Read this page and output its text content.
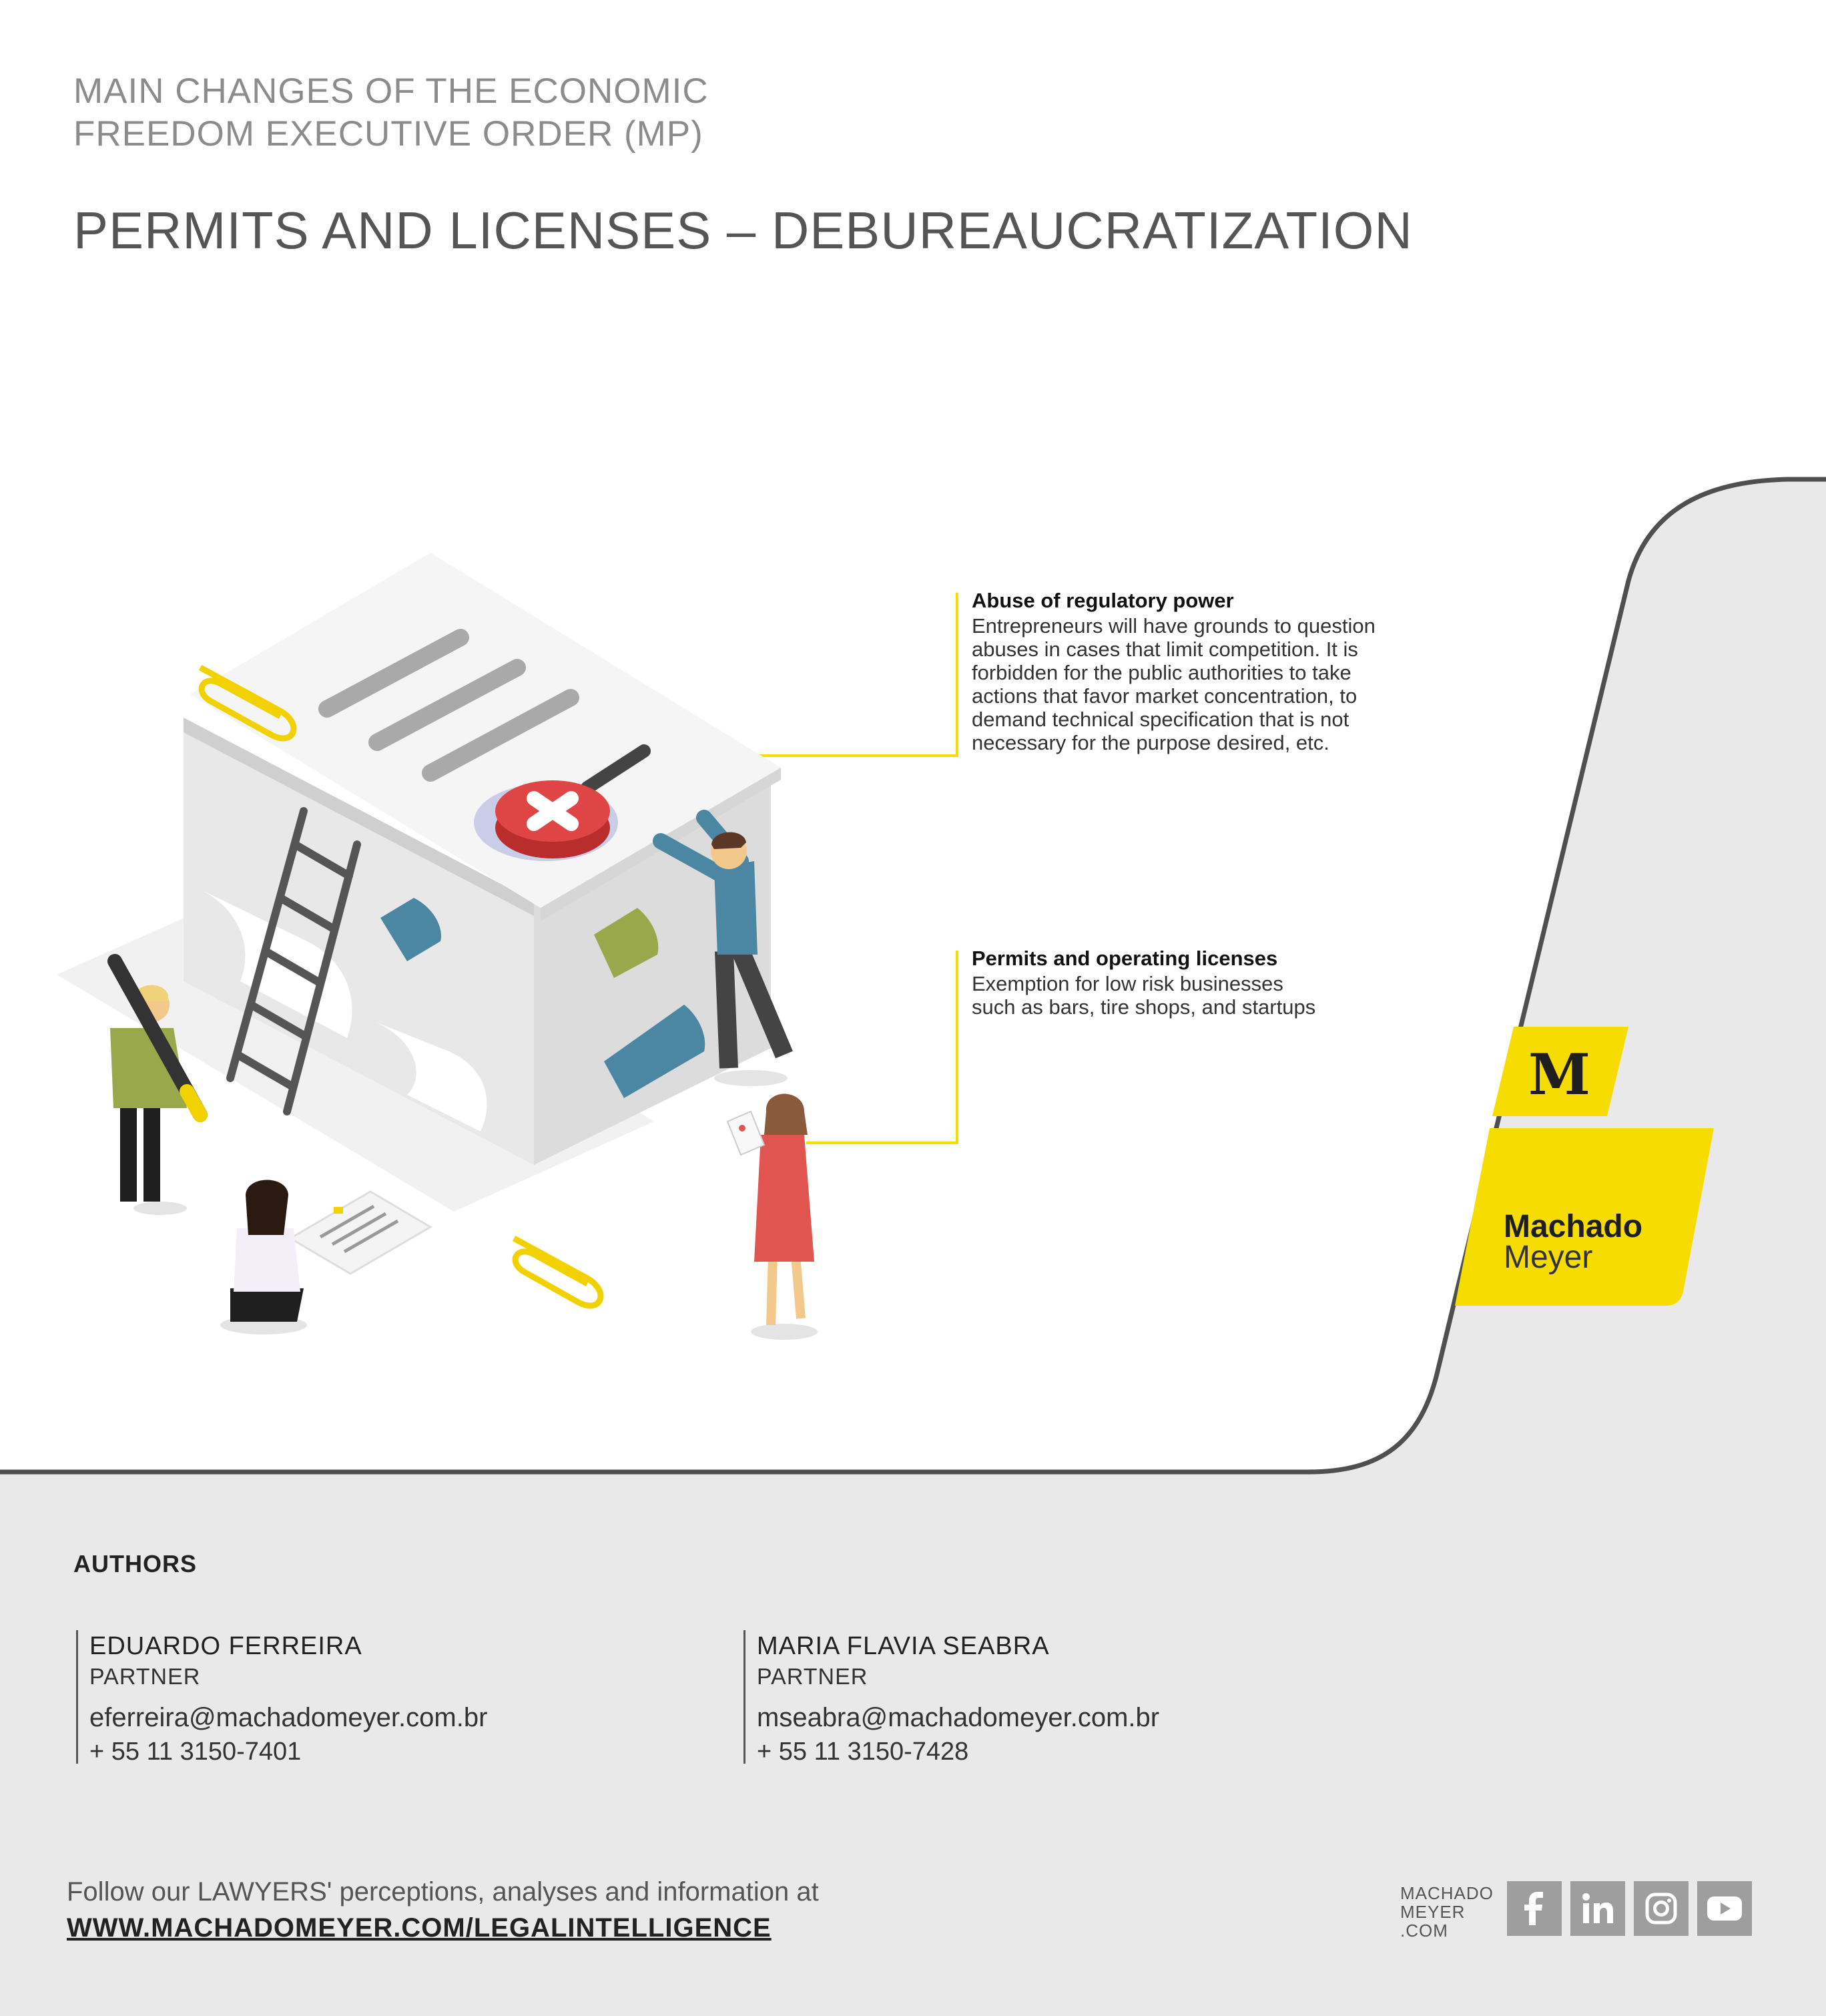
MAIN CHANGES OF THE ECONOMIC
FREEDOM EXECUTIVE ORDER (MP)
PERMITS AND LICENSES – DEBUREAUCRATIZATION
Abuse of regulatory power
Entrepreneurs will have grounds to question
abuses in cases that limit competition. It is
forbidden for the public authorities to take
actions that favor market concentration, to
demand technical specification that is not
necessary for the purpose desired, etc.
Permits and operating licenses
Exemption for low risk businesses
such as bars, tire shops, and startups
M
Machado
Meyer
AUTHORS
EDUARDO FERREIRA
PARTNER
eferreira@machadomeyer.com.br
+ 55 11 3150-7401
MARIA FLAVIA SEABRA
PARTNER
mseabra@machadomeyer.com.br
+ 55 11 3150-7428
Follow our LAWYERS' perceptions, analyses and information at
WWW.MACHADOMEYER.COM/LEGALINTELLIGENCE
MACHADO
MEYER
.COM
